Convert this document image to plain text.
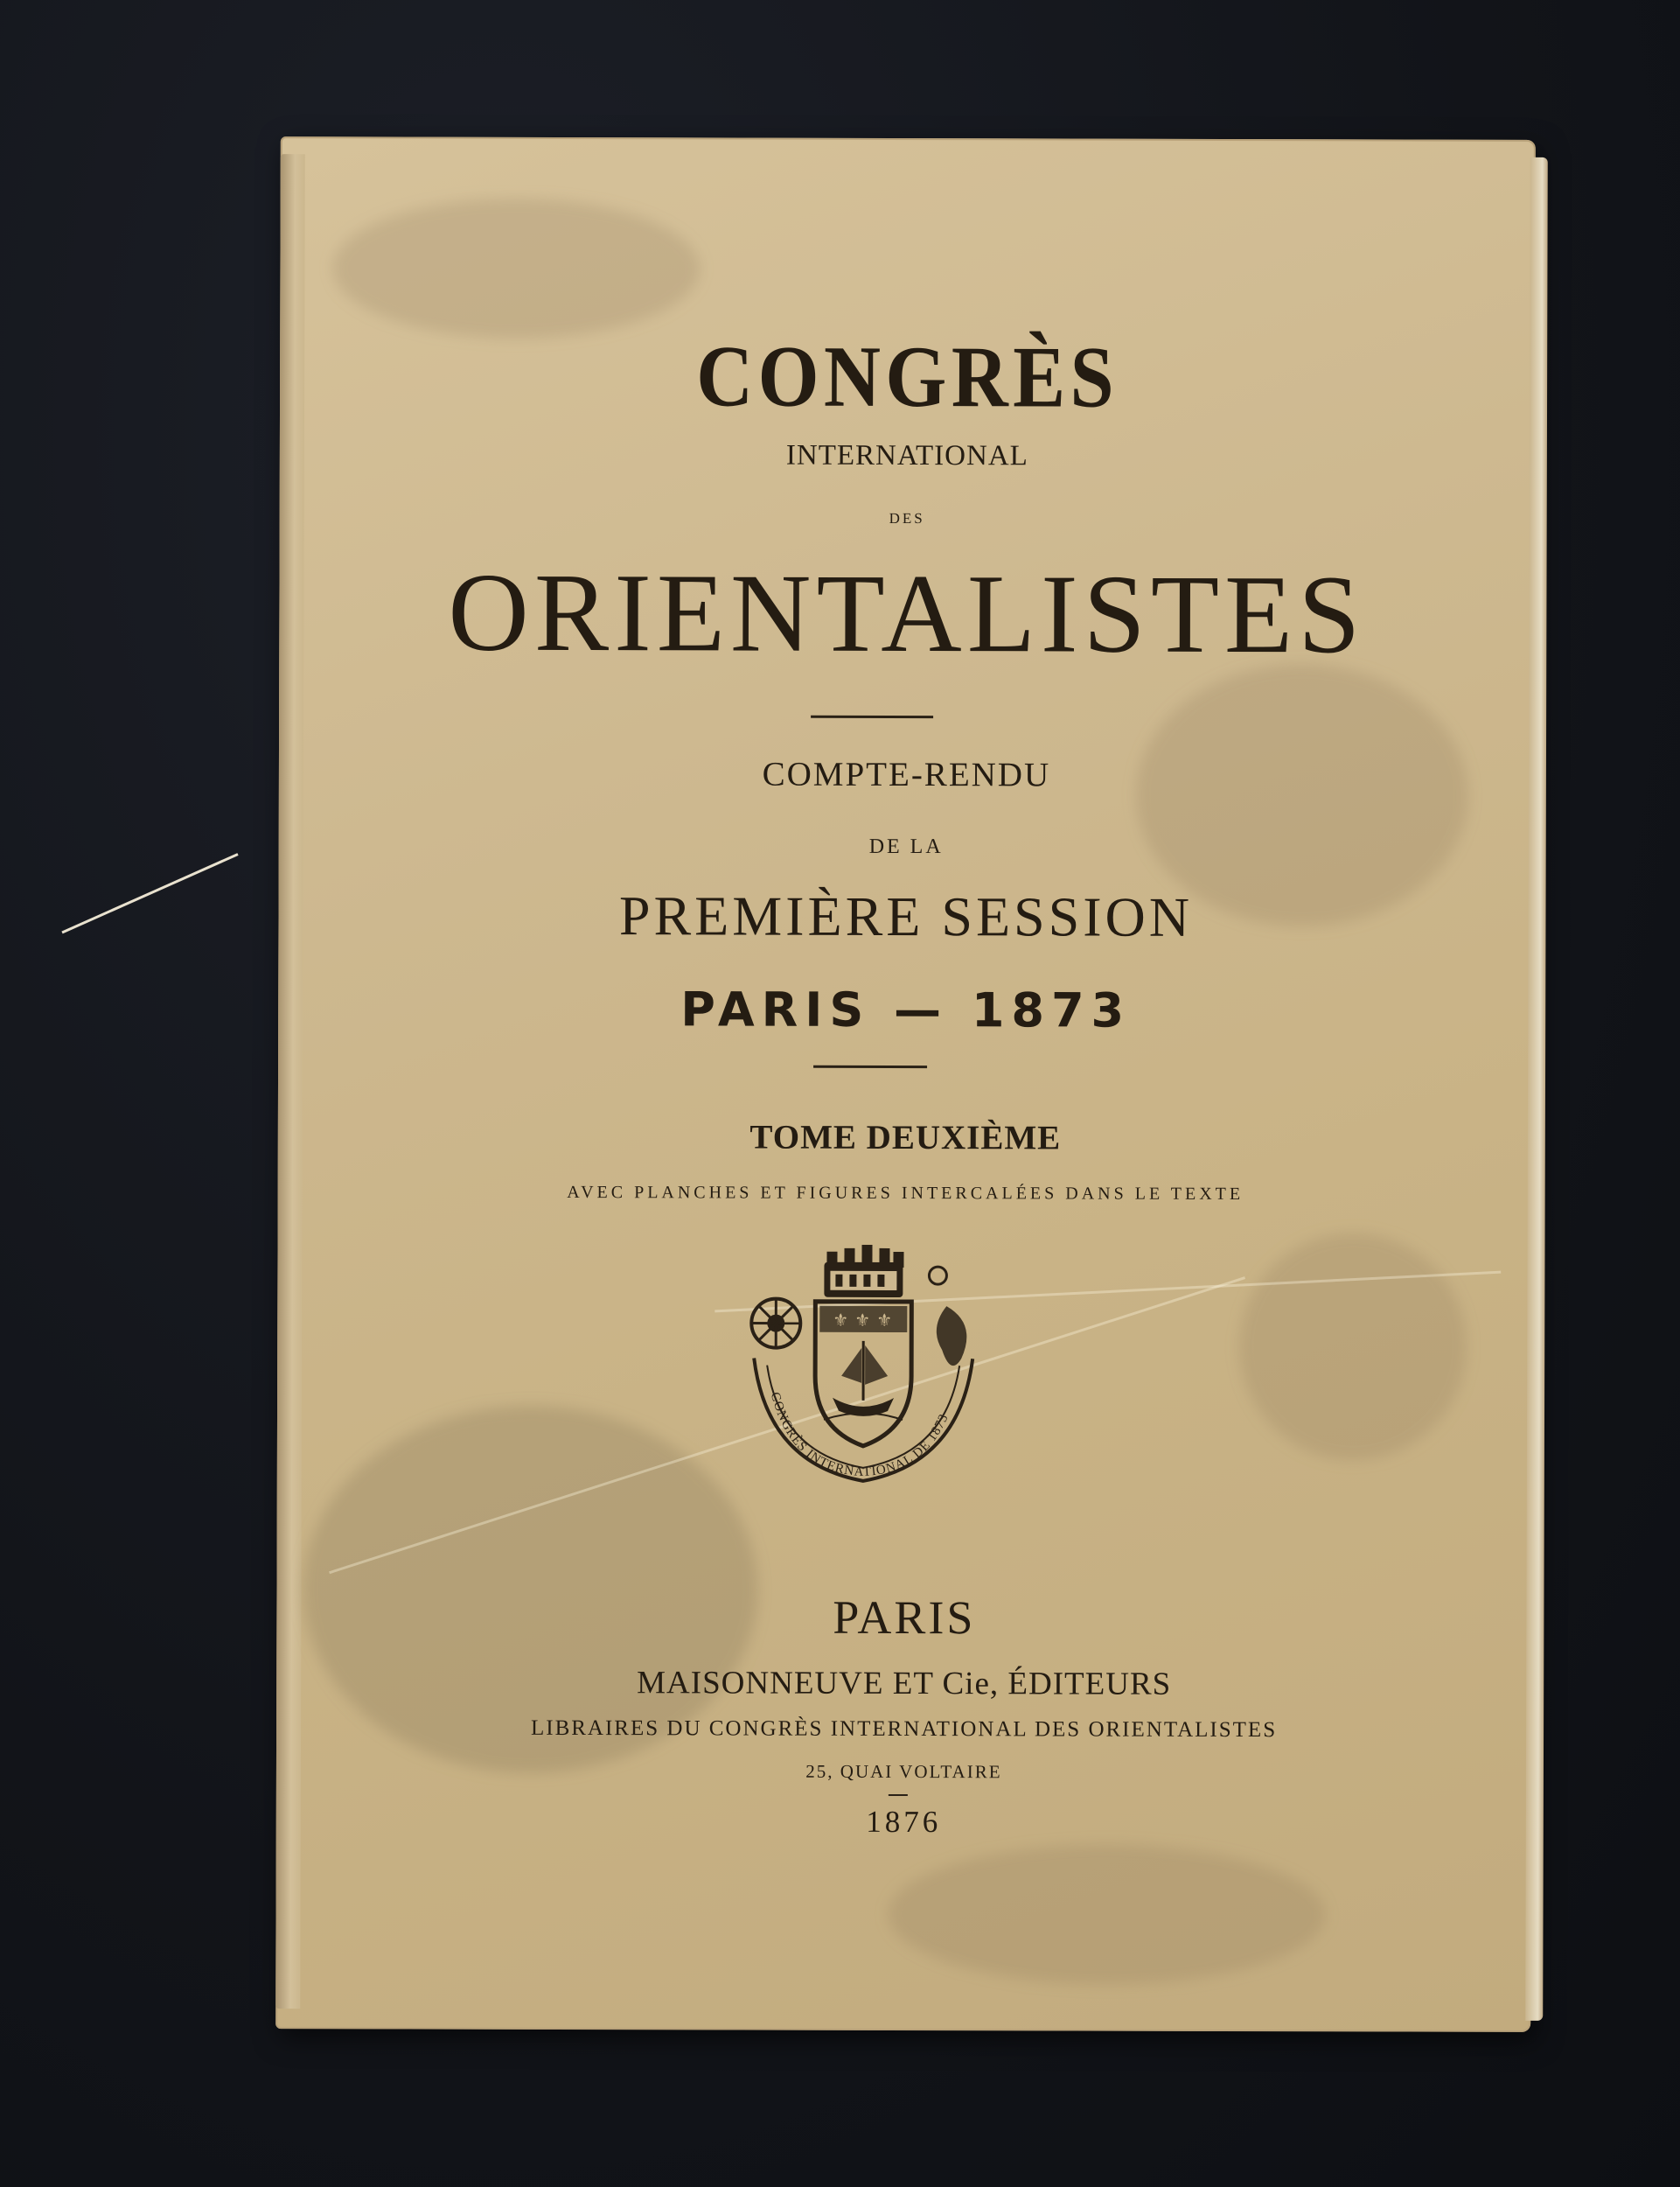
CONGRÈS
INTERNATIONAL
DES
ORIENTALISTES
COMPTE-RENDU
DE LA
PREMIÈRE SESSION
PARIS — 1873
TOME DEUXIÈME
AVEC PLANCHES ET FIGURES INTERCALÉES DANS LE TEXTE
⚜ ⚜ ⚜
CONGRÈS INTERNATIONAL DE 1873
PARIS
MAISONNEUVE ET Cie, ÉDITEURS
LIBRAIRES DU CONGRÈS INTERNATIONAL DES ORIENTALISTES
25, QUAI VOLTAIRE
1876
